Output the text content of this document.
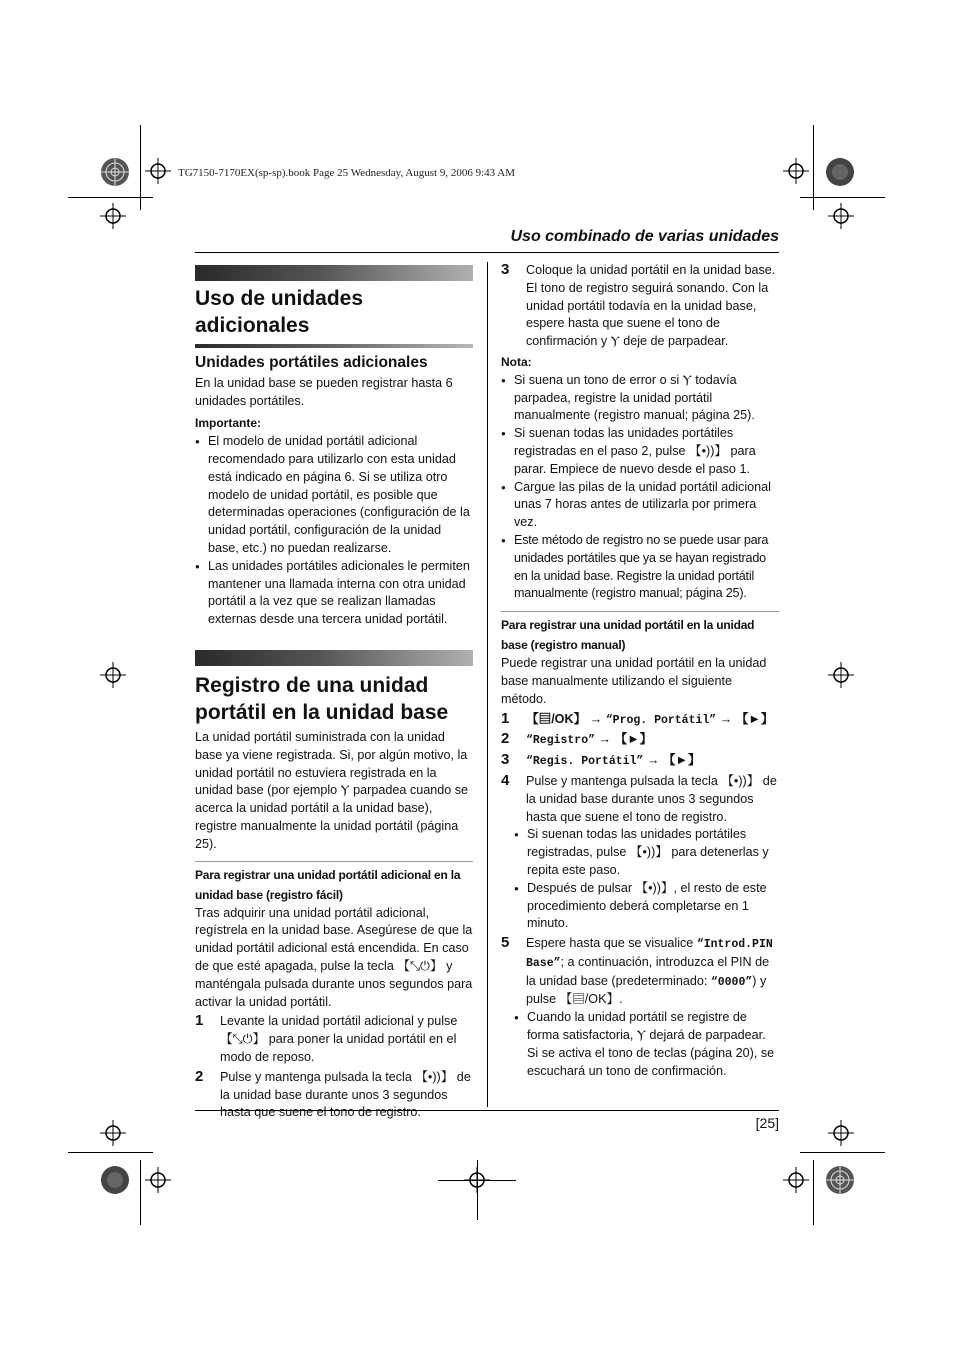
TG7150-7170EX(sp-sp).book Page 25 Wednesday, August 9, 2006 9:43 AM
Uso combinado de varias unidades
[25]
Uso de unidades adicionales
Unidades portátiles adicionales

En la unidad base se pueden registrar hasta 6 unidades portátiles.

Importante:

● El modelo de unidad portátil adicional recomendado para utilizarlo con esta unidad está indicado en página 6. Si se utiliza otro modelo de unidad portátil, es posible que determinadas operaciones (configuración de la unidad portátil, configuración de la unidad base, etc.) no puedan realizarse.

● Las unidades portátiles adicionales le permiten mantener una llamada interna con otra unidad portátil a la vez que se realizan llamadas externas desde una tercera unidad portátil.

Registro de una unidad portátil en la unidad base

La unidad portátil suministrada con la unidad base ya viene registrada. Si, por algún motivo, la unidad portátil no estuviera registrada en la unidad base (por ejemplo Ⲩ parpadea cuando se acerca la unidad portátil a la unidad base), registre manualmente la unidad portátil (página 25).

Para registrar una unidad portátil adicional en la unidad base (registro fácil)

Tras adquirir una unidad portátil adicional, regístrela en la unidad base. Asegúrese de que la unidad portátil adicional está encendida. En caso de que esté apagada, pulse la tecla 【⤡⏻】 y manténgala pulsada durante unos segundos para activar la unidad portátil.

1 Levante la unidad portátil adicional y pulse 【⤡⏻】 para poner la unidad portátil en el modo de reposo.
2 Pulse y mantenga pulsada la tecla 【•))】 de la unidad base durante unos 3 segundos hasta que suene el tono de registro.
3 Coloque la unidad portátil en la unidad base. El tono de registro seguirá sonando. Con la unidad portátil todavía en la unidad base, espere hasta que suene el tono de confirmación y Ⲩ deje de parpadear.
Nota:

● Si suena un tono de error o si Ⲩ todavía parpadea, registre la unidad portátil manualmente (registro manual; página 25).

● Si suenan todas las unidades portátiles registradas en el paso 2, pulse 【•))】 para parar. Empiece de nuevo desde el paso 1.

● Cargue las pilas de la unidad portátil adicional unas 7 horas antes de utilizarla por primera vez.

● Este método de registro no se puede usar para unidades portátiles que ya se hayan registrado en la unidad base. Registre la unidad portátil manualmente (registro manual; página 25).

Para registrar una unidad portátil en la unidad base (registro manual)

Puede registrar una unidad portátil en la unidad base manualmente utilizando el siguiente método.

1 【▤/OK】 → “Prog. Portátil” → 【►】
2 “Registro” → 【►】
3 “Regis. Portátil” → 【►】
4 Pulse y mantenga pulsada la tecla 【•))】 de la unidad base durante unos 3 segundos hasta que suene el tono de registro.

● Si suenan todas las unidades portátiles registradas, pulse 【•))】 para detenerlas y repita este paso.

● Después de pulsar 【•))】, el resto de este procedimiento deberá completarse en 1 minuto.

5 Espere hasta que se visualice “Introd.PIN Base”; a continuación, introduzca el PIN de la unidad base (predeterminado: “0000”) y pulse 【▤/OK】.

● Cuando la unidad portátil se registre de forma satisfactoria, Ⲩ dejará de parpadear. Si se activa el tono de teclas (página 20), se escuchará un tono de confirmación.
